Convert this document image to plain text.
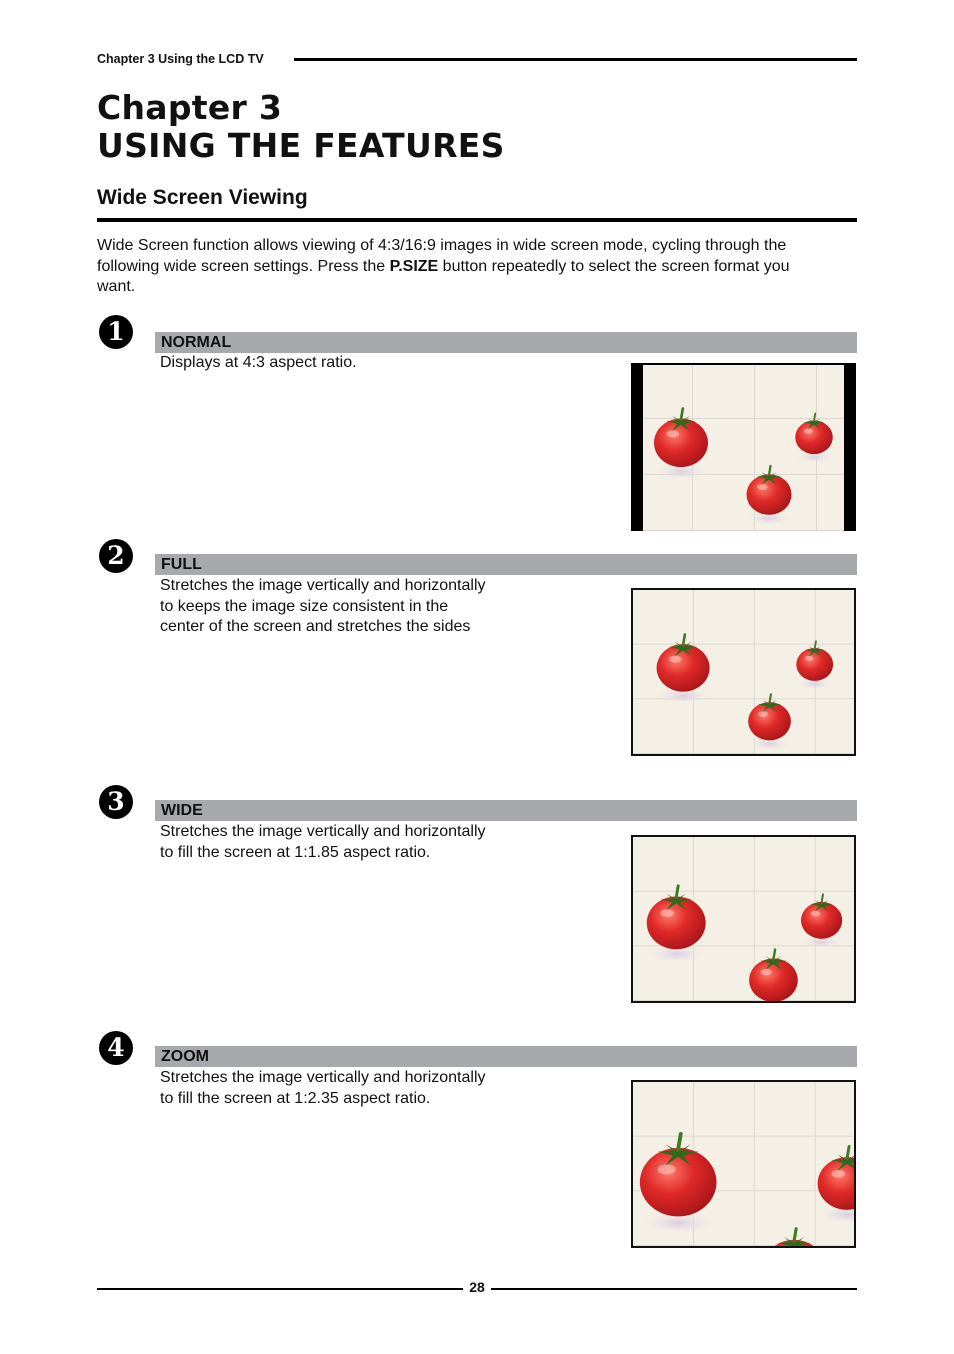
Chapter 3 Using the LCD TV
Chapter 3
USING THE FEATURES
Wide Screen Viewing

Wide Screen function allows viewing of 4:3/16:9 images in wide screen mode, cycling through the following wide screen settings. Press the P.SIZE button repeatedly to select the screen format you want.

1	NORMAL

Displays at 4:3 aspect ratio.

2	FULL

Stretches the image vertically and horizontally to keeps the image size consistent in the center of the screen and stretches the sides

3	WIDE

Stretches the image vertically and horizontally to fill the screen at 1:1.85 aspect ratio.

4	ZOOM

Stretches the image vertically and horizontally to fill the screen at 1:2.35 aspect ratio.

28
